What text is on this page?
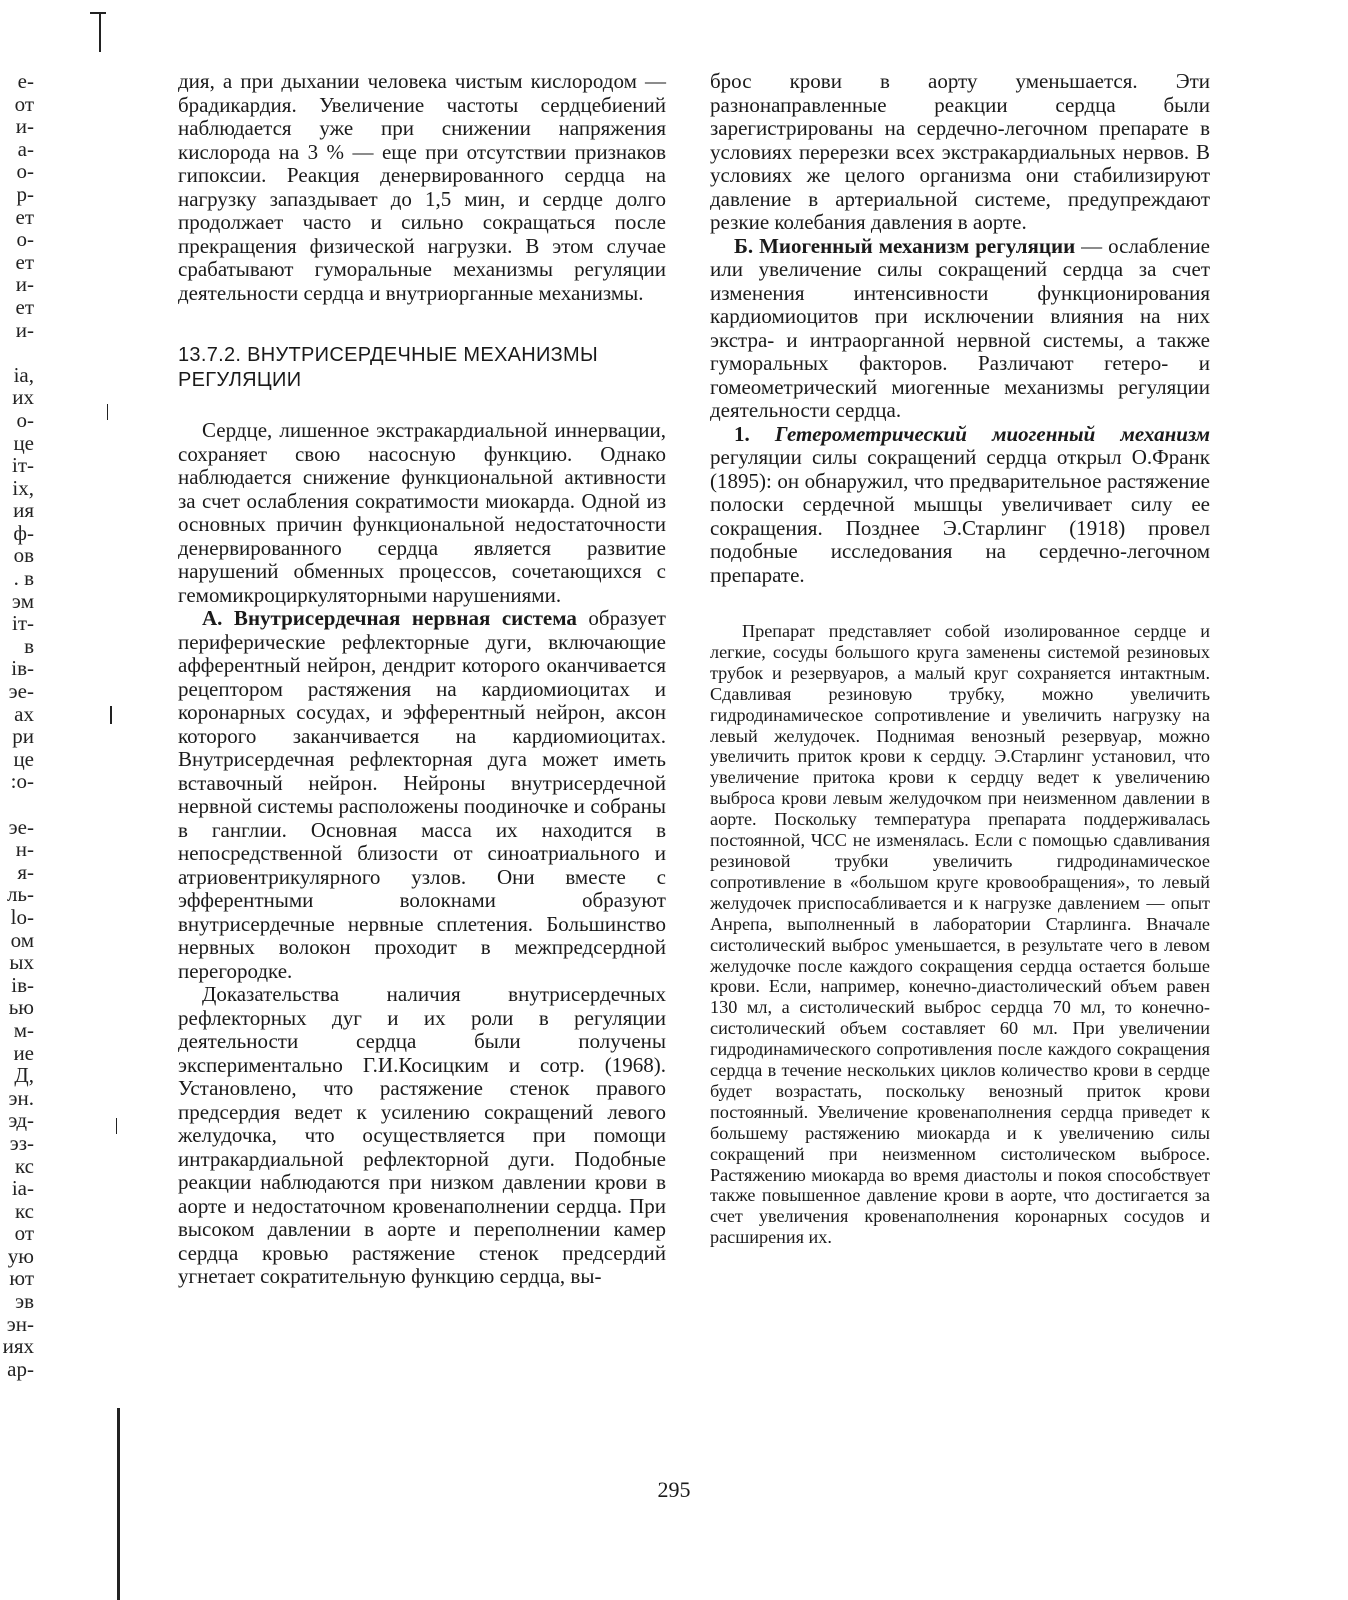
е-
от
и-
а-
о-
р-
ет
о-
ет
и-
ет
и-

ia,
их
о-
це
іт-
іх,
ия
ф-
ов
. в
эм
іт-
в
ів-
эе-
ах
ри
це
:о-

эе-
н-
я-
ль-
lo-
ом
ых
ів-
ью
м-
ие
Д,
эн.
эд-
эз-
кс
іа-
кс
от
ую
ют
эв
эн-
иях
ар-

дия, а при дыхании человека чистым кислородом — брадикардия. Увеличение частоты сердцебиений наблюдается уже при снижении напряжения кислорода на 3 % — еще при отсутствии признаков гипоксии. Реакция денервированного сердца на нагрузку запаздывает до 1,5 мин, и сердце долго продолжает часто и сильно сокращаться после прекращения физической нагрузки. В этом случае срабатывают гуморальные механизмы регуляции деятельности сердца и внутриорганные механизмы.

13.7.2. ВНУТРИСЕРДЕЧНЫЕ МЕХАНИЗМЫ РЕГУЛЯЦИИ

Сердце, лишенное экстракардиальной иннервации, сохраняет свою насосную функцию. Однако наблюдается снижение функциональной активности за счет ослабления сократимости миокарда. Одной из основных причин функциональной недостаточности денервированного сердца является развитие нарушений обменных процессов, сочетающихся с гемомикроциркуляторными нарушениями.

А. Внутрисердечная нервная система образует периферические рефлекторные дуги, включающие афферентный нейрон, дендрит которого оканчивается рецептором растяжения на кардиомиоцитах и коронарных сосудах, и эфферентный нейрон, аксон которого заканчивается на кардиомиоцитах. Внутрисердечная рефлекторная дуга может иметь вставочный нейрон. Нейроны внутрисердечной нервной системы расположены поодиночке и собраны в ганглии. Основная масса их находится в непосредственной близости от синоатриального и атриовентрикулярного узлов. Они вместе с эфферентными волокнами образуют внутрисердечные нервные сплетения. Большинство нервных волокон проходит в межпредсердной перегородке.

Доказательства наличия внутрисердечных рефлекторных дуг и их роли в регуляции деятельности сердца были получены экспериментально Г.И.Косицким и сотр. (1968). Установлено, что растяжение стенок правого предсердия ведет к усилению сокращений левого желудочка, что осуществляется при помощи интракардиальной рефлекторной дуги. Подобные реакции наблюдаются при низком давлении крови в аорте и недостаточном кровенаполнении сердца. При высоком давлении в аорте и переполнении камер сердца кровью растяжение стенок предсердий угнетает сократительную функцию сердца, вы-

брос крови в аорту уменьшается. Эти разнонаправленные реакции сердца были зарегистрированы на сердечно-легочном препарате в условиях перерезки всех экстракардиальных нервов. В условиях же целого организма они стабилизируют давление в артериальной системе, предупреждают резкие колебания давления в аорте.

Б. Миогенный механизм регуляции — ослабление или увеличение силы сокращений сердца за счет изменения интенсивности функционирования кардиомиоцитов при исключении влияния на них экстра- и интраорганной нервной системы, а также гуморальных факторов. Различают гетеро- и гомеометрический миогенные механизмы регуляции деятельности сердца.

1. Гетерометрический миогенный механизм регуляции силы сокращений сердца открыл О.Франк (1895): он обнаружил, что предварительное растяжение полоски сердечной мышцы увеличивает силу ее сокращения. Позднее Э.Старлинг (1918) провел подобные исследования на сердечно-легочном препарате.

Препарат представляет собой изолированное сердце и легкие, сосуды большого круга заменены системой резиновых трубок и резервуаров, а малый круг сохраняется интактным. Сдавливая резиновую трубку, можно увеличить гидродинамическое сопротивление и увеличить нагрузку на левый желудочек. Поднимая венозный резервуар, можно увеличить приток крови к сердцу. Э.Старлинг установил, что увеличение притока крови к сердцу ведет к увеличению выброса крови левым желудочком при неизменном давлении в аорте. Поскольку температура препарата поддерживалась постоянной, ЧСС не изменялась. Если с помощью сдавливания резиновой трубки увеличить гидродинамическое сопротивление в «большом круге кровообращения», то левый желудочек приспосабливается и к нагрузке давлением — опыт Анрепа, выполненный в лаборатории Старлинга. Вначале систолический выброс уменьшается, в результате чего в левом желудочке после каждого сокращения сердца остается больше крови. Если, например, конечно-диастолический объем равен 130 мл, а систолический выброс сердца 70 мл, то конечно-систолический объем составляет 60 мл. При увеличении гидродинамического сопротивления после каждого сокращения сердца в течение нескольких циклов количество крови в сердце будет возрастать, поскольку венозный приток крови постоянный. Увеличение кровенаполнения сердца приведет к большему растяжению миокарда и к увеличению силы сокращений при неизменном систолическом выбросе. Растяжению миокарда во время диастолы и покоя способствует также повышенное давление крови в аорте, что достигается за счет увеличения кровенаполнения коронарных сосудов и расширения их.

295
